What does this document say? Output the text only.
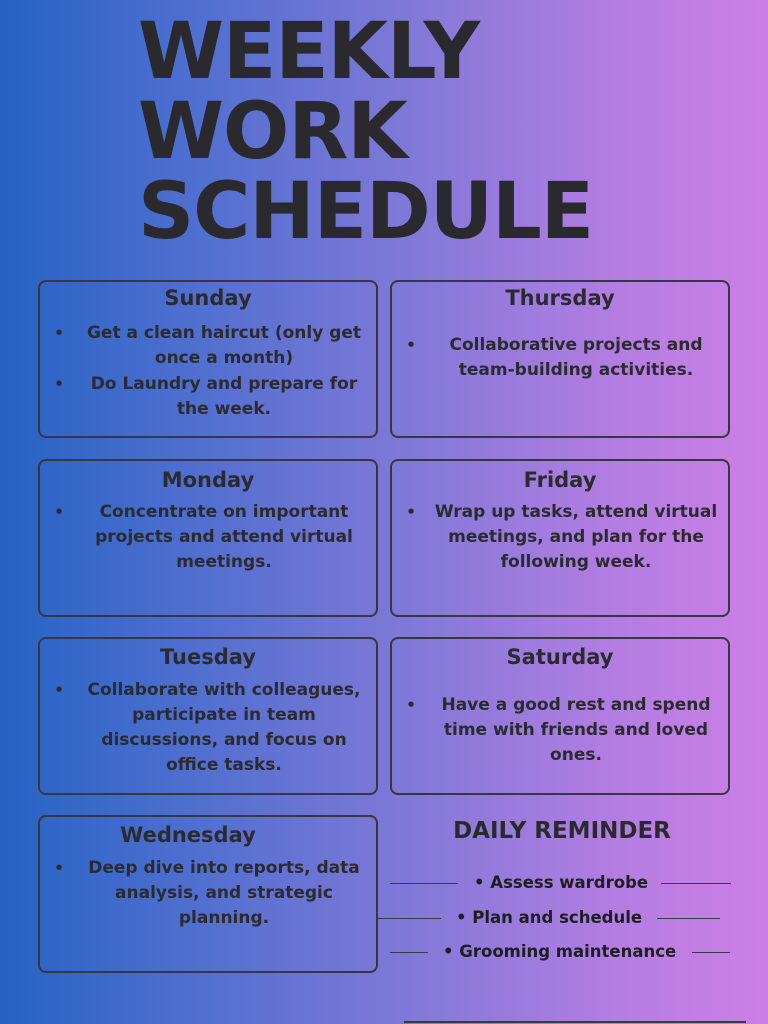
WEEKLY
WORK
SCHEDULE
Sunday
•	Get a clean haircut (only get once a month)
•	Do Laundry and prepare for the week.
Thursday
•	Collaborative projects and team-building activities.
Monday
•	Concentrate on important projects and attend virtual meetings.
Friday
•	Wrap up tasks, attend virtual meetings, and plan for the following week.
Tuesday
•	Collaborate with colleagues, participate in team discussions, and focus on office tasks.
Saturday
•	Have a good rest and spend time with friends and loved ones.
Wednesday
•	Deep dive into reports, data analysis, and strategic planning.
DAILY REMINDER
• Assess wardrobe
• Plan and schedule
• Grooming maintenance
